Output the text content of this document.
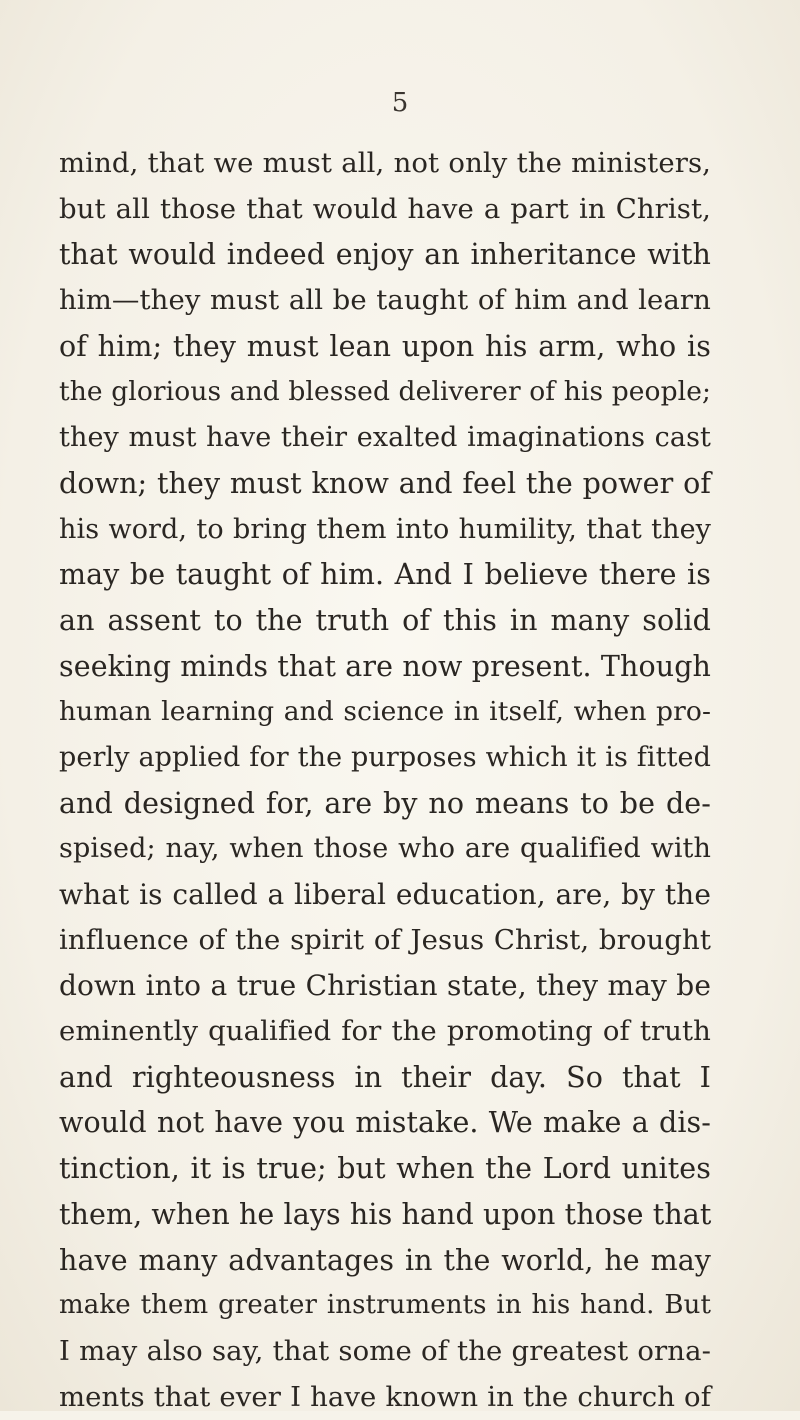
5
mind, that we must all, not only the ministers,
but all those that would have a part in Christ,
that would indeed enjoy an inheritance with
him—they must all be taught of him and learn
of him; they must lean upon his arm, who is
the glorious and blessed deliverer of his people;
they must have their exalted imaginations cast
down; they must know and feel the power of
his word, to bring them into humility, that they
may be taught of him. And I believe there is
an assent to the truth of this in many solid
seeking minds that are now present. Though
human learning and science in itself, when pro-
perly applied for the purposes which it is fitted
and designed for, are by no means to be de-
spised; nay, when those who are qualified with
what is called a liberal education, are, by the
influence of the spirit of Jesus Christ, brought
down into a true Christian state, they may be
eminently qualified for the promoting of truth
and righteousness in their day. So that I
would not have you mistake. We make a dis-
tinction, it is true; but when the Lord unites
them, when he lays his hand upon those that
have many advantages in the world, he may
make them greater instruments in his hand. But
I may also say, that some of the greatest orna-
ments that ever I have known in the church of
